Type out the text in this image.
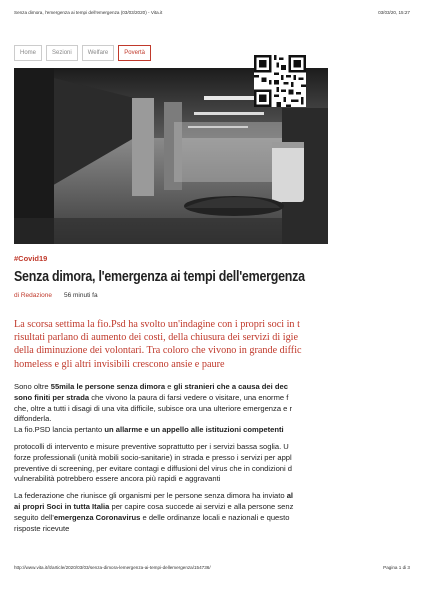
Senza dimora, l'emergenza ai tempi dell'emergenza (03/03/2020) - Vita.it	03/03/20, 15:27
Home	Sezioni	Welfare	Povertà
#Covid19
Senza dimora, l'emergenza ai tempi dell'emergenza
di Redazione 56 minuti fa
La scorsa settima la fio.Psd ha svolto un'indagine con i propri soci in t
risultati parlano di aumento dei costi, della chiusura dei servizi di igie
della diminuzione dei volontari. Tra coloro che vivono in grande diffic
homeless e gli altri invisibili crescono ansie e paure
Sono oltre 55mila le persone senza dimora e gli stranieri che a causa dei dec
sono finiti per strada che vivono la paura di farsi vedere o visitare, una enorme f
che, oltre a tutti i disagi di una vita difficile, subisce ora una ulteriore emergenza e r
diffonderla.
La fio.PSD lancia pertanto un allarme e un appello alle istituzioni competenti
protocolli di intervento e misure preventive soprattutto per i servizi bassa soglia. U
forze professionali (unità mobili socio-sanitarie) in strada e presso i servizi per appl
preventive di screening, per evitare contagi e diffusioni del virus che in condizioni d
vulnerabilità potrebbero essere ancora più rapidi e aggravanti
La federazione che riunisce gli organismi per le persone senza dimora ha inviato al
ai propri Soci in tutta Italia per capire cosa succede ai servizi e alla persone senz
seguito dell'emergenza Coronavirus e delle ordinanze locali e nazionali e questo
risposte ricevute
http://www.vita.it/it/article/2020/03/03/senza-dimora-lemergenza-ai-tempi-dellemergenza/154736/	Pagina 1 di 3
